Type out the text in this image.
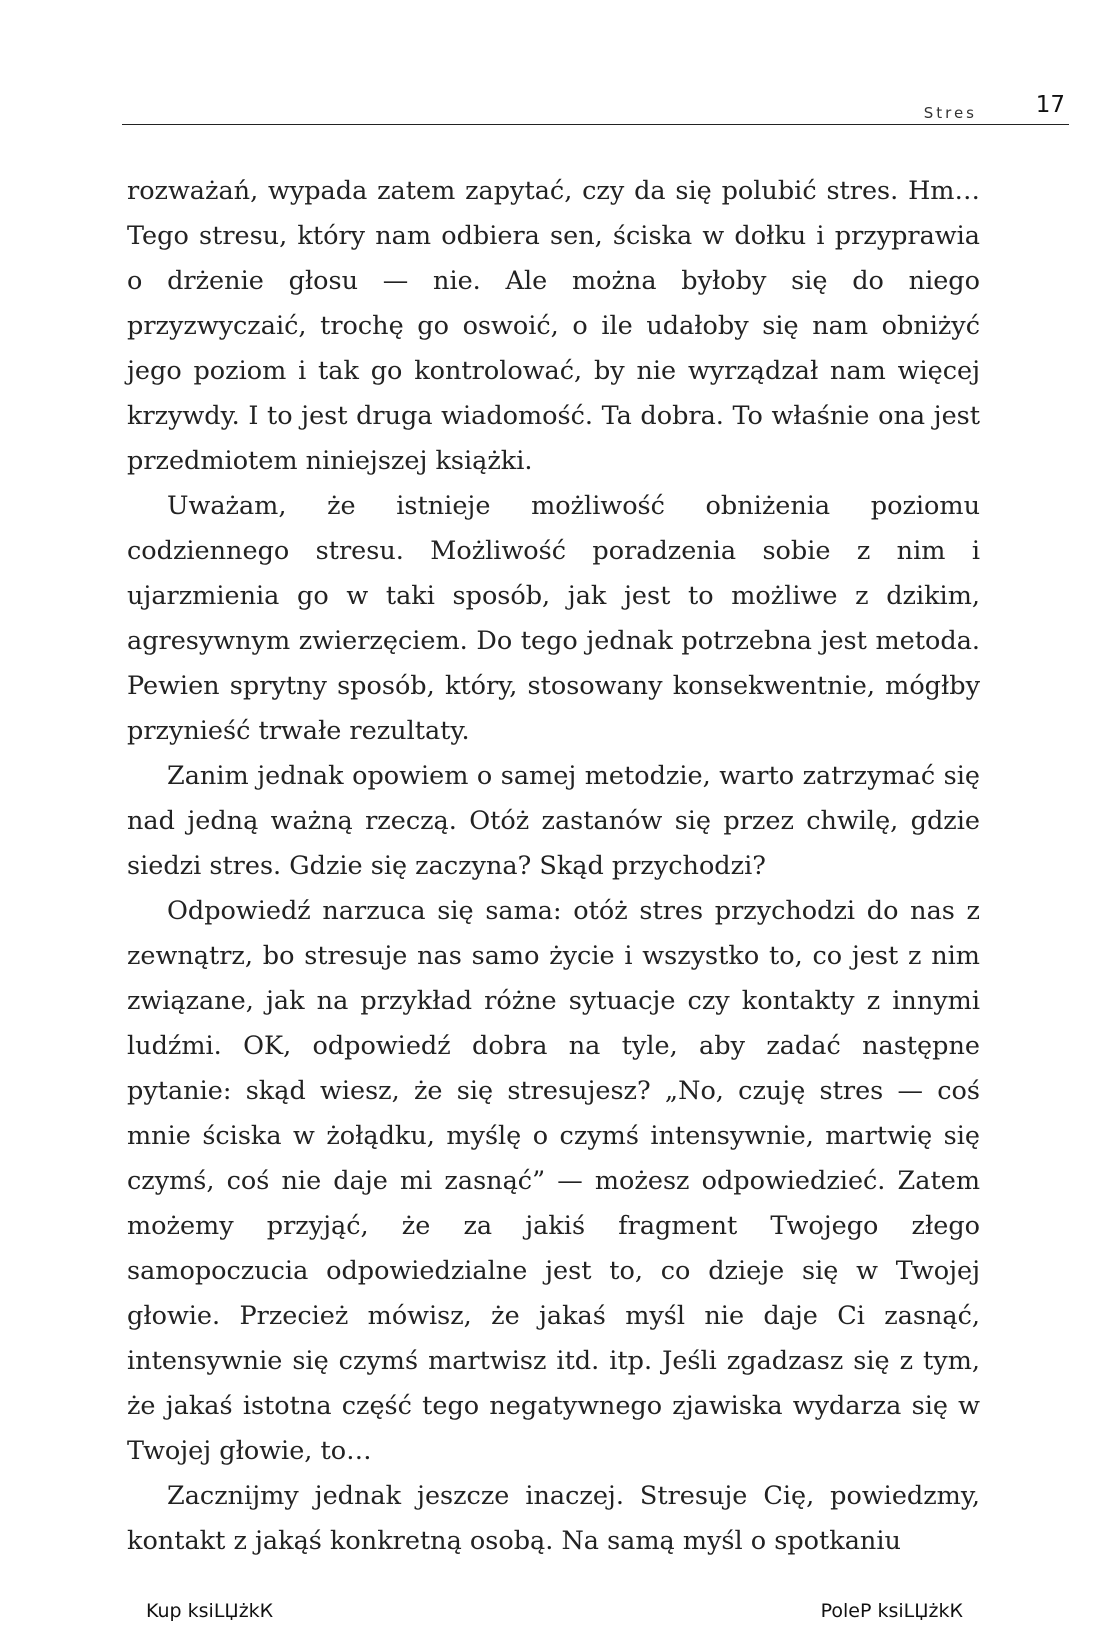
Stres	17

rozważań, wypada zatem zapytać, czy da się polubić stres. Hm… Tego stresu, który nam odbiera sen, ściska w dołku i przyprawia o drżenie głosu — nie. Ale można byłoby się do niego przyzwyczaić, trochę go oswoić, o ile udałoby się nam obniżyć jego poziom i tak go kontrolować, by nie wyrządzał nam więcej krzywdy. I to jest druga wiadomość. Ta dobra. To właśnie ona jest przedmiotem niniejszej książki.

Uważam, że istnieje możliwość obniżenia poziomu codziennego stresu. Możliwość poradzenia sobie z nim i ujarzmienia go w taki sposób, jak jest to możliwe z dzikim, agresywnym zwierzęciem. Do tego jednak potrzebna jest metoda. Pewien sprytny sposób, który, stosowany konsekwentnie, mógłby przynieść trwałe rezultaty.

Zanim jednak opowiem o samej metodzie, warto zatrzymać się nad jedną ważną rzeczą. Otóż zastanów się przez chwilę, gdzie siedzi stres. Gdzie się zaczyna? Skąd przychodzi?

Odpowiedź narzuca się sama: otóż stres przychodzi do nas z zewnątrz, bo stresuje nas samo życie i wszystko to, co jest z nim związane, jak na przykład różne sytuacje czy kontakty z innymi ludźmi. OK, odpowiedź dobra na tyle, aby zadać następne pytanie: skąd wiesz, że się stresujesz? „No, czuję stres — coś mnie ściska w żołądku, myślę o czymś intensywnie, martwię się czymś, coś nie daje mi zasnąć” — możesz odpowiedzieć. Zatem możemy przyjąć, że za jakiś fragment Twojego złego samopoczucia odpowiedzialne jest to, co dzieje się w Twojej głowie. Przecież mówisz, że jakaś myśl nie daje Ci zasnąć, intensywnie się czymś martwisz itd. itp. Jeśli zgadzasz się z tym, że jakaś istotna część tego negatywnego zjawiska wydarza się w Twojej głowie, to…

Zacznijmy jednak jeszcze inaczej. Stresuje Cię, powiedzmy, kontakt z jakąś konkretną osobą. Na samą myśl o spotkaniu

Kup ksiLЏżkК	PoleP ksiLЏżkК
